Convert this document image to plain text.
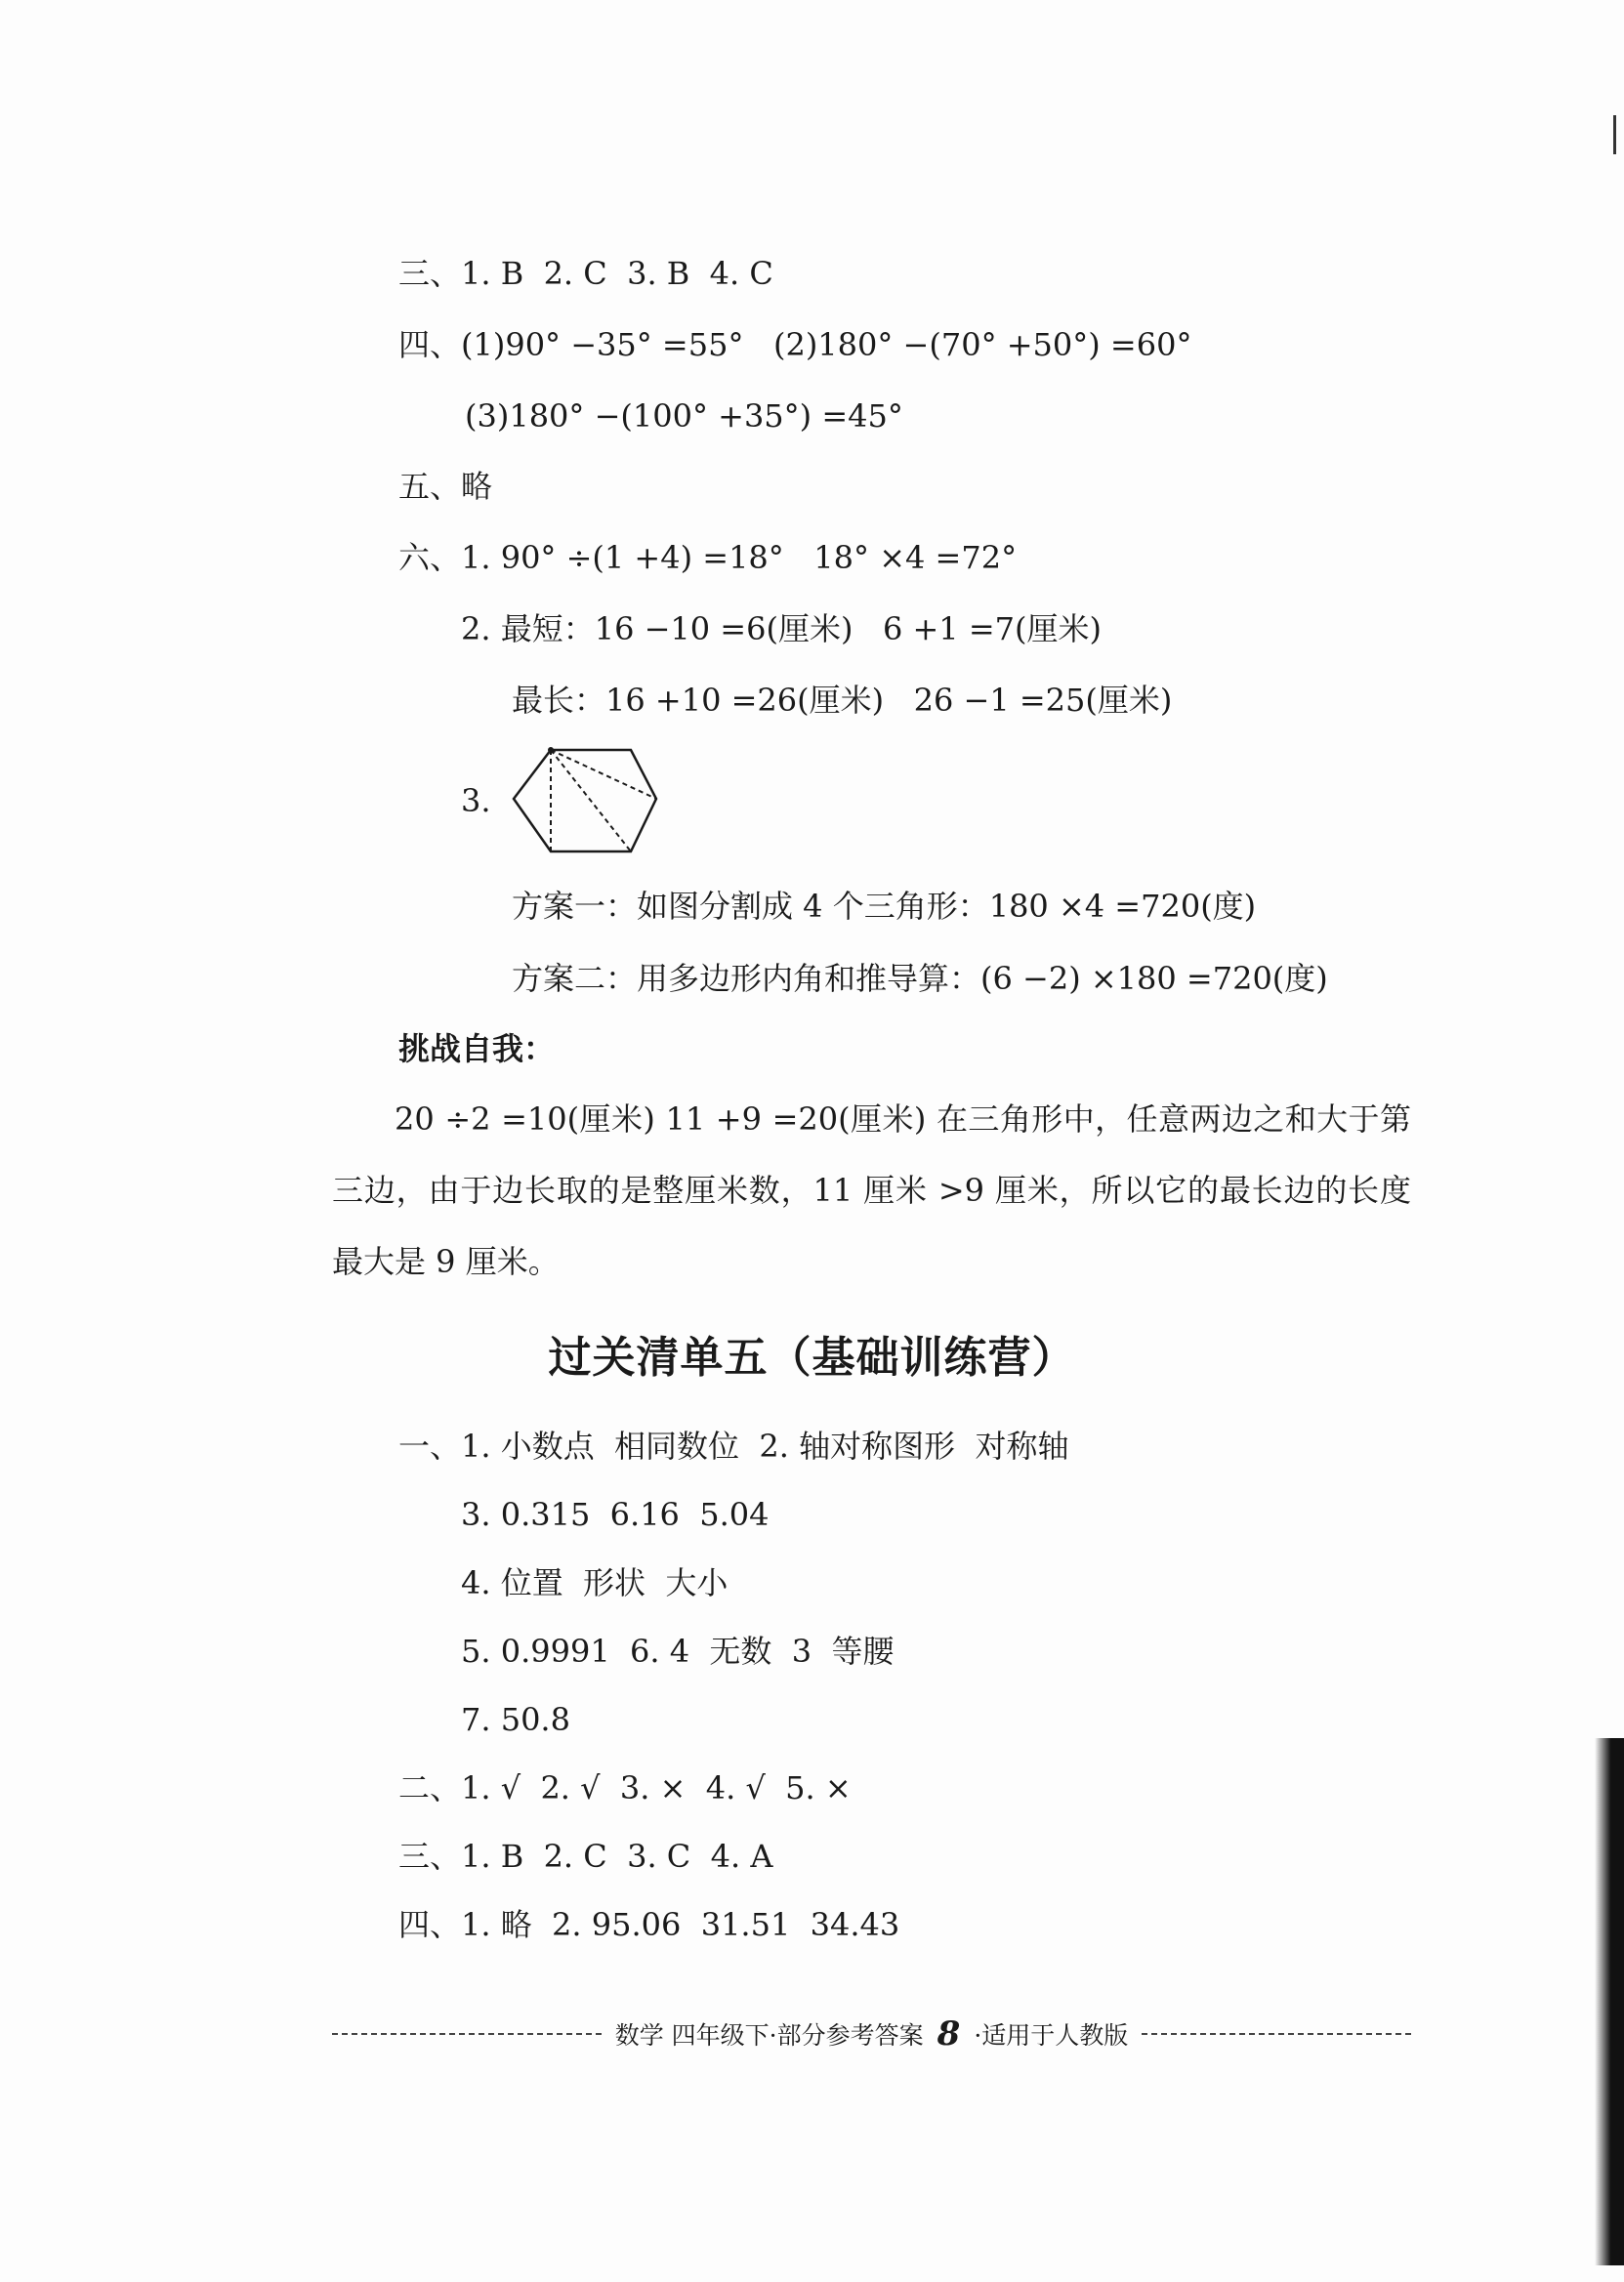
三、1. B  2. C  3. B  4. C
四、(1)90° −35° =55°   (2)180° −(70° +50°) =60°
(3)180° −(100° +35°) =45°
五、略
六、1. 90° ÷(1 +4) =18°   18° ×4 =72°
2. 最短：16 −10 =6(厘米)   6 +1 =7(厘米)
最长：16 +10 =26(厘米)   26 −1 =25(厘米)
3.
方案一：如图分割成 4 个三角形：180 ×4 =720(度)
方案二：用多边形内角和推导算：(6 −2) ×180 =720(度)
挑战自我：
20 ÷2 =10(厘米) 11 +9 =20(厘米) 在三角形中，任意两边之和大于第三边，由于边长取的是整厘米数，11 厘米 >9 厘米，所以它的最长边的长度最大是 9 厘米。
过关清单五（基础训练营）
一、1. 小数点  相同数位  2. 轴对称图形  对称轴
3. 0.315  6.16  5.04
4. 位置  形状  大小
5. 0.9991  6. 4  无数  3  等腰
7. 50.8
二、1. √  2. √  3. ×  4. √  5. ×
三、1. B  2. C  3. C  4. A
四、1. 略  2. 95.06  31.51  34.43
数学 四年级下·部分参考答案 8 ·适用于人教版
